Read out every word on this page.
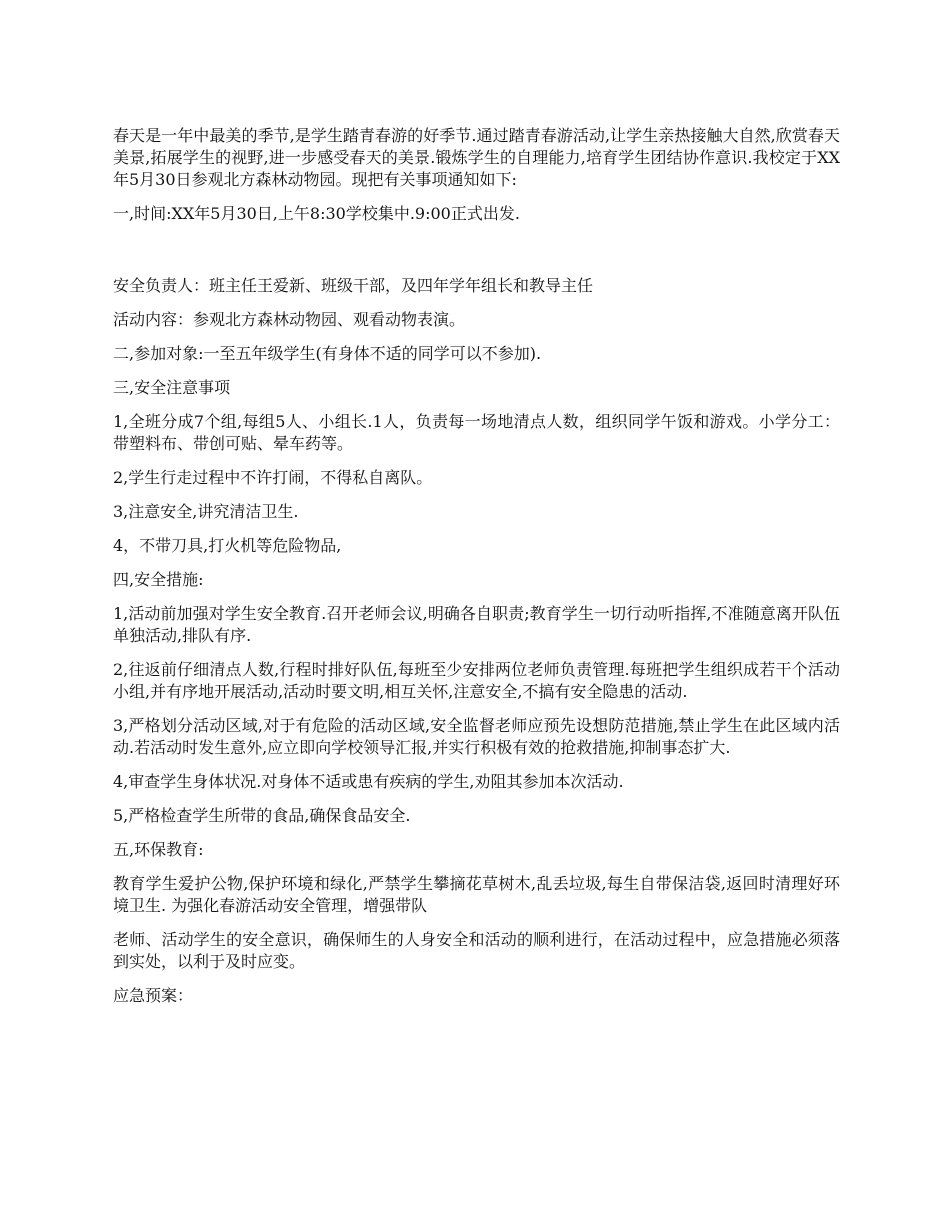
春天是一年中最美的季节,是学生踏青春游的好季节.通过踏青春游活动,让学生亲热接触大自然,欣赏春天美景,拓展学生的视野,进一步感受春天的美景.锻炼学生的自理能力,培育学生团结协作意识.我校定于XX年5月30日参观北方森林动物园。现把有关事项通知如下:

一,时间:XX年5月30日,上午8:30学校集中.9:00正式出发.

安全负责人：班主任王爱新、班级干部，及四年学年组长和教导主任

活动内容：参观北方森林动物园、观看动物表演。

二,参加对象:一至五年级学生(有身体不适的同学可以不参加).

三,安全注意事项

1,全班分成7个组,每组5人、小组长.1人，负责每一场地清点人数，组织同学午饭和游戏。小学分工：带塑料布、带创可贴、晕车药等。

2,学生行走过程中不许打闹，不得私自离队。

3,注意安全,讲究清洁卫生.

4，不带刀具,打火机等危险物品,

四,安全措施:

1,活动前加强对学生安全教育.召开老师会议,明确各自职责;教育学生一切行动听指挥,不准随意离开队伍单独活动,排队有序.

2,往返前仔细清点人数,行程时排好队伍,每班至少安排两位老师负责管理.每班把学生组织成若干个活动小组,并有序地开展活动,活动时要文明,相互关怀,注意安全,不搞有安全隐患的活动.

3,严格划分活动区域,对于有危险的活动区域,安全监督老师应预先设想防范措施,禁止学生在此区域内活动.若活动时发生意外,应立即向学校领导汇报,并实行积极有效的抢救措施,抑制事态扩大.

4,审查学生身体状况.对身体不适或患有疾病的学生,劝阻其参加本次活动.

5,严格检查学生所带的食品,确保食品安全.

五,环保教育:

教育学生爱护公物,保护环境和绿化,严禁学生攀摘花草树木,乱丢垃圾,每生自带保洁袋,返回时清理好环境卫生. 为强化春游活动安全管理，增强带队

老师、活动学生的安全意识，确保师生的人身安全和活动的顺利进行，在活动过程中，应急措施必须落到实处，以利于及时应变。

应急预案：
